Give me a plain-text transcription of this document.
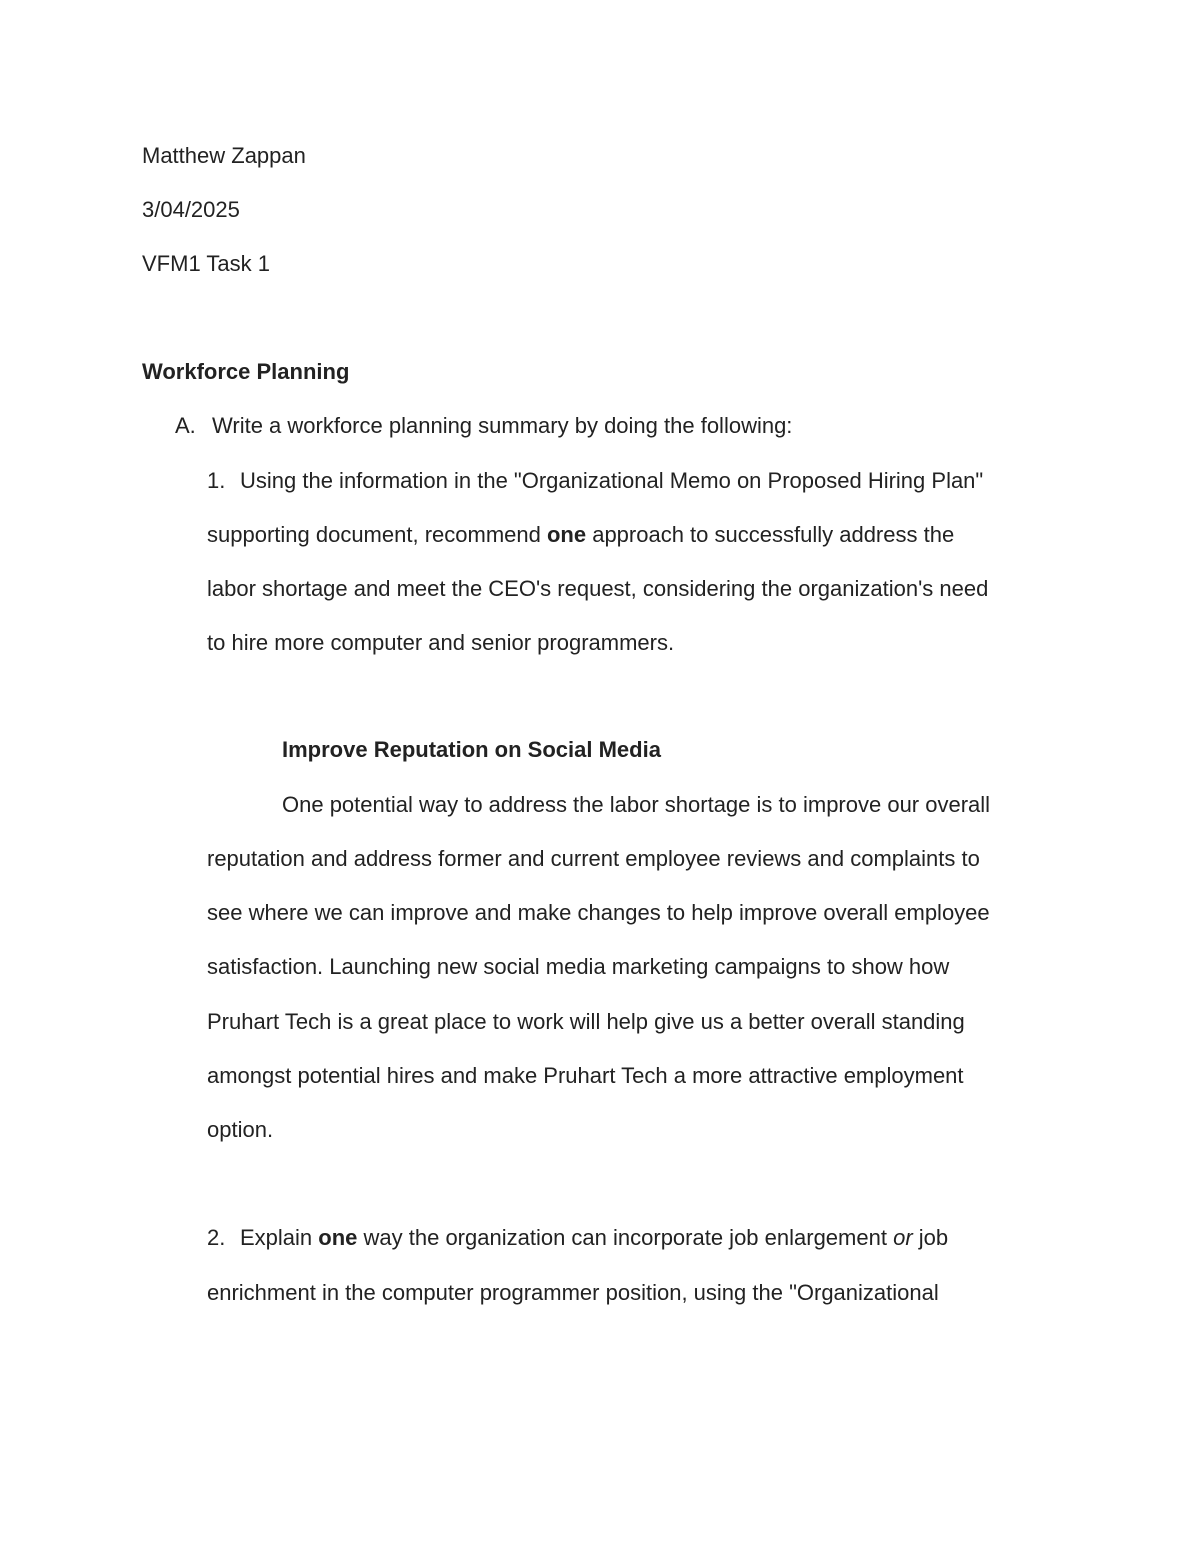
Matthew Zappan
3/04/2025
VFM1 Task 1
Workforce Planning
A. Write a workforce planning summary by doing the following:
1. Using the information in the "Organizational Memo on Proposed Hiring Plan"
supporting document, recommend one approach to successfully address the
labor shortage and meet the CEO's request, considering the organization's need
to hire more computer and senior programmers.
Improve Reputation on Social Media
One potential way to address the labor shortage is to improve our overall
reputation and address former and current employee reviews and complaints to
see where we can improve and make changes to help improve overall employee
satisfaction. Launching new social media marketing campaigns to show how
Pruhart Tech is a great place to work will help give us a better overall standing
amongst potential hires and make Pruhart Tech a more attractive employment
option.
2. Explain one way the organization can incorporate job enlargement or job
enrichment in the computer programmer position, using the "Organizational
